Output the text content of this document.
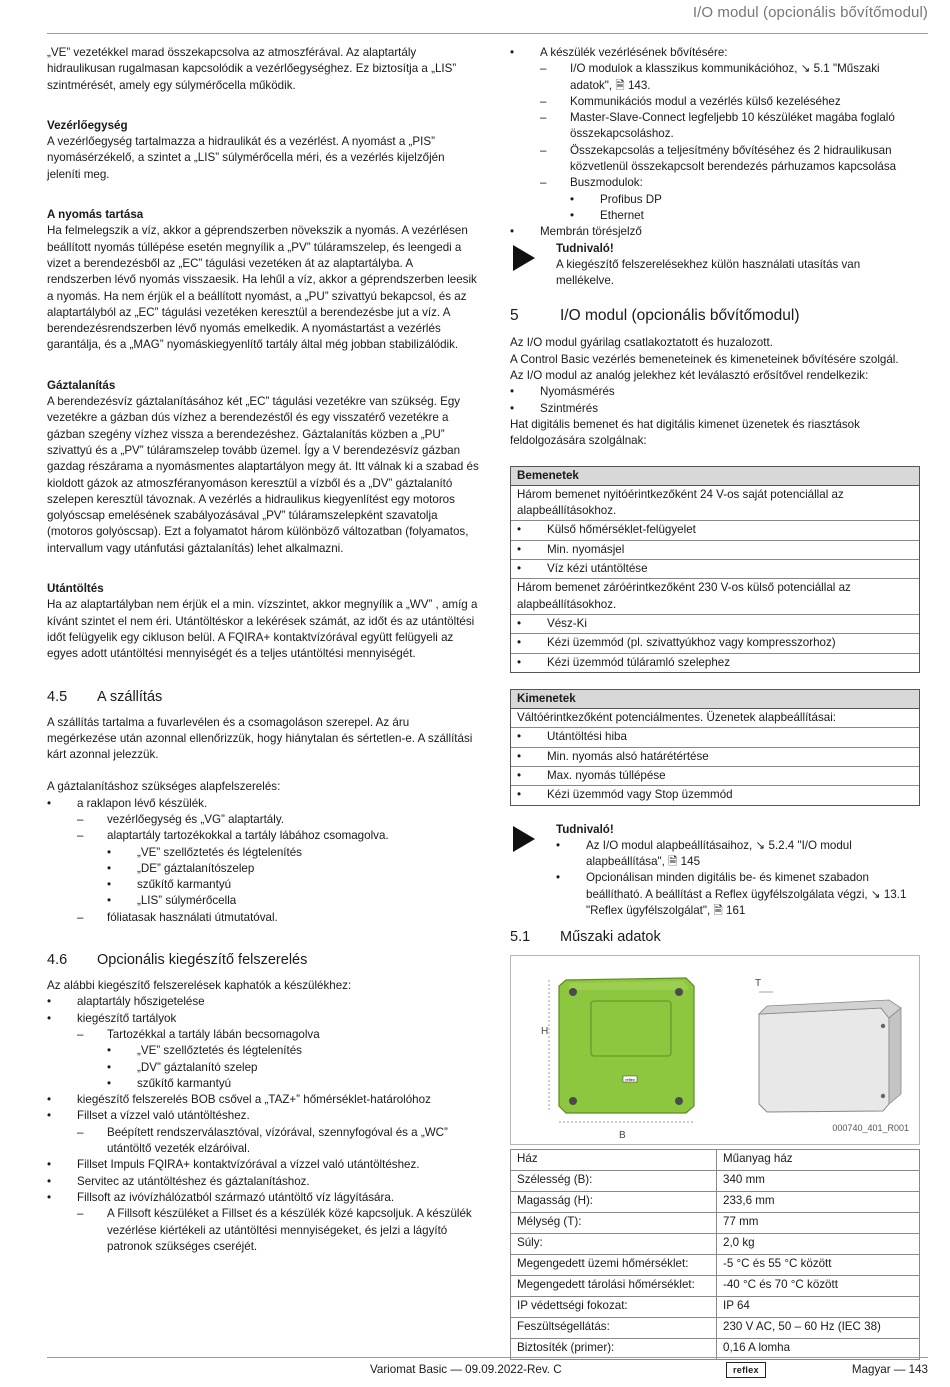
I/O modul (opcionális bővítőmodul)

„VE” vezetékkel marad összekapcsolva az atmoszférával. Az alaptartály hidraulikusan rugalmasan kapcsolódik a vezérlőegységhez. Ez biztosítja a „LIS” szintmérését, amely egy súlymérőcella működik.

Vezérlőegység

A vezérlőegység tartalmazza a hidraulikát és a vezérlést. A nyomást a „PIS” nyomásérzékelő, a szintet a „LIS” súlymérőcella méri, és a vezérlés kijelzőjén jeleníti meg.

A nyomás tartása

Ha felmelegszik a víz, akkor a géprendszerben növekszik a nyomás. A vezérlésen beállított nyomás túllépése esetén megnyílik a „PV” túláramszelep, és leengedi a vizet a berendezésből az „EC” tágulási vezetéken át az alaptartályba. A rendszerben lévő nyomás visszaesik. Ha lehűl a víz, akkor a géprendszerben leesik a nyomás. Ha nem érjük el a beállított nyomást, a „PU” szivattyú bekapcsol, és az alaptartályból az „EC” tágulási vezetéken keresztül a berendezésbe jut a víz. A berendezésrendszerben lévő nyomás emelkedik. A nyomástartást a vezérlés garantálja, és a „MAG” nyomáskiegyenlítő tartály által még jobban stabilizálódik.

Gáztalanítás

A berendezésvíz gáztalanításához két „EC” tágulási vezetékre van szükség. Egy vezetékre a gázban dús vízhez a berendezéstől és egy visszatérő vezetékre a gázban szegény vízhez vissza a berendezéshez. Gáztalanítás közben a „PU” szivattyú és a „PV” túláramszelep tovább üzemel. Így a V berendezésvíz gázban gazdag részárama a nyomásmentes alaptartályon megy át. Itt válnak ki a szabad és kioldott gázok az atmoszféranyomáson keresztül a vízből és a „DV” gáztalanító szelepen keresztül távoznak. A vezérlés a hidraulikus kiegyenlítést egy motoros golyóscsap emelésének szabályozásával „PV” túláramszelepként szavatolja (motoros golyóscsap). Ezt a folyamatot három különböző változatban (folyamatos, intervallum vagy utánfutási gáztalanítás) lehet alkalmazni.

Utántöltés

Ha az alaptartályban nem érjük el a min. vízszintet, akkor megnyílik a „WV” , amíg a kívánt szintet el nem éri. Utántöltéskor a lekérések számát, az időt és az utántöltési időt felügyelik egy cikluson belül. A FQIRA+ kontaktvízórával együtt felügyeli az egyes adott utántöltési mennyiségét és a teljes utántöltési mennyiségét.

4.5 A szállítás

A szállítás tartalma a fuvarlevélen és a csomagoláson szerepel. Az áru megérkezése után azonnal ellenőrizzük, hogy hiánytalan és sértetlen-e. A szállítási kárt azonnal jelezzük.

A gáztalanításhoz szükséges alapfelszerelés:

• a raklapon lévő készülék.
– vezérlőegység és „VG” alaptartály.
– alaptartály tartozékokkal a tartály lábához csomagolva.
• „VE” szellőztetés és légtelenítés
• „DE” gáztalanítószelep
• szűkítő karmantyú
• „LIS” súlymérőcella
– fóliatasak használati útmutatóval.
4.6 Opcionális kiegészítő felszerelés

Az alábbi kiegészítő felszerelések kaphatók a készülékhez:

• alaptartály hőszigetelése
• kiegészítő tartályok
– Tartozékkal a tartály lábán becsomagolva
• „VE” szellőztetés és légtelenítés
• „DV” gáztalanító szelep
• szűkítő karmantyú
• kiegészítő felszerelés BOB csővel a „TAZ+” hőmérséklet-határolóhoz
• Fillset a vízzel való utántöltéshez.
– Beépített rendszerválasztóval, vízórával, szennyfogóval és a „WC” utántöltő vezeték elzáróival.
• Fillset Impuls FQIRA+ kontaktvízórával a vízzel való utántöltéshez.
• Servitec az utántöltéshez és gáztalanításhoz.
• Fillsoft az ivóvízhálózatból származó utántöltő víz lágyítására.
– A Fillsoft készüléket a Fillset és a készülék közé kapcsoljuk. A készülék vezérlése kiértékeli az utántöltési mennyiségeket, és jelzi a lágyító patronok szükséges cseréjét.
• A készülék vezérlésének bővítésére:
– I/O modulok a klasszikus kommunikációhoz, ↘ 5.1 "Műszaki adatok", 🗎 143.
– Kommunikációs modul a vezérlés külső kezeléséhez
– Master-Slave-Connect legfeljebb 10 készüléket magába foglaló összekapcsoláshoz.
– Összekapcsolás a teljesítmény bővítéséhez és 2 hidraulikusan közvetlenül összekapcsolt berendezés párhuzamos kapcsolása
– Buszmodulok:
• Profibus DP
• Ethernet
• Membrán törésjelző
Tudnivaló!
A kiegészítő felszerelésekhez külön használati utasítás van mellékelve.
5	I/O modul (opcionális bővítőmodul)

Az I/O modul gyárilag csatlakoztatott és huzalozott.

A Control Basic vezérlés bemeneteinek és kimeneteinek bővítésére szolgál.

Az I/O modul az analóg jelekhez két leválasztó erősítővel rendelkezik:

• Nyomásmérés
• Szintmérés

Hat digitális bemenet és hat digitális kimenet üzenetek és riasztások feldolgozására szolgálnak:

Bemenetek
Három bemenet nyitóérintkezőként 24 V-os saját potenciállal az alapbeállításokhoz.
• Külső hőmérséklet-felügyelet
• Min. nyomásjel
• Víz kézi utántöltése
Három bemenet záróérintkezőként 230 V-os külső potenciállal az alapbeállításokhoz.
• Vész-Ki
• Kézi üzemmód (pl. szivattyúkhoz vagy kompresszorhoz)
• Kézi üzemmód túláramló szelephez
Kimenetek
Váltóérintkezőként potenciálmentes. Üzenetek alapbeállításai:
• Utántöltési hiba
• Min. nyomás alsó határétértése
• Max. nyomás túllépése
• Kézi üzemmód vagy Stop üzemmód
Tudnivaló!
• Az I/O modul alapbeállításaihoz, ↘ 5.2.4 "I/O modul alapbeállítása", 🗎 145
• Opcionálisan minden digitális be- és kimenet szabadon beállítható. A beállítást a Reflex ügyfélszolgálata végzi, ↘ 13.1 "Reflex ügyfélszolgálat", 🗎 161
5.1 Műszaki adatok
reflex
H
B
T
000740_401_R001
Ház	Műanyag ház
Szélesség (B):	340 mm
Magasság (H):	233,6 mm
Mélység (T):	77 mm
Súly:	2,0 kg
Megengedett üzemi hőmérséklet:	-5 °C és 55 °C között
Megengedett tárolási hőmérséklet:	-40 °C és 70 °C között
IP védettségi fokozat:	IP 64
Feszültségellátás:	230 V AC, 50 – 60 Hz (IEC 38)
Biztosíték (primer):	0,16 A lomha
Variomat Basic — 09.09.2022-Rev. C	reflex	Magyar — 143
